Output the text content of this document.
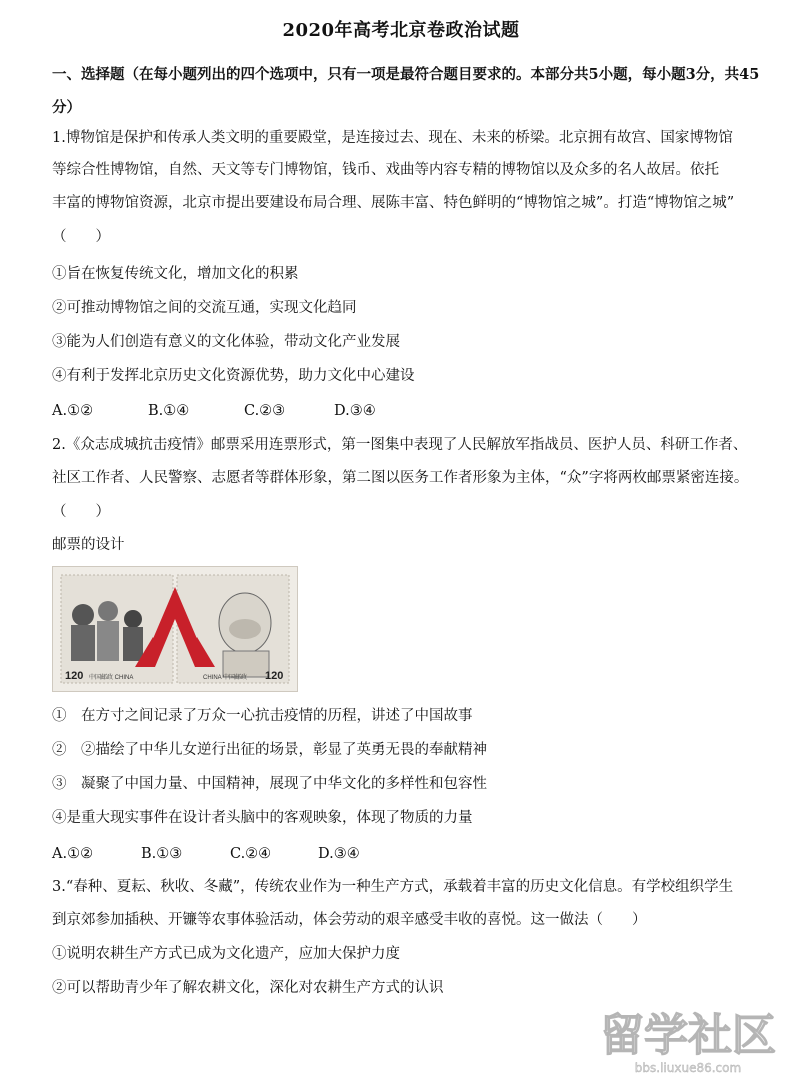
2020年高考北京卷政治试题
一、选择题（在每小题列出的四个选项中，只有一项是最符合题目要求的。本部分共5小题，每小题3分，共45分）
1.博物馆是保护和传承人类文明的重要殿堂，是连接过去、现在、未来的桥梁。北京拥有故宫、国家博物馆
等综合性博物馆，自然、天文等专门博物馆，钱币、戏曲等内容专精的博物馆以及众多的名人故居。依托
丰富的博物馆资源，北京市提出要建设布局合理、展陈丰富、特色鲜明的“博物馆之城”。打造“博物馆之城”
（　　）
①旨在恢复传统文化，增加文化的积累
②可推动博物馆之间的交流互通，实现文化趋同
③能为人们创造有意义的文化体验，带动文化产业发展
④有利于发挥北京历史文化资源优势，助力文化中心建设
A.①②	B.①④	C.②③	D.③④
2.《众志成城抗击疫情》邮票采用连票形式，第一图集中表现了人民解放军指战员、医护人员、科研工作者、
社区工作者、人民警察、志愿者等群体形象，第二图以医务工作者形象为主体，“众”字将两枚邮票紧密连接。
（　　）
邮票的设计
120 中国邮政 CHINA	CHINA 中国邮政 120
①　在方寸之间记录了万众一心抗击疫情的历程，讲述了中国故事
②　②描绘了中华儿女逆行出征的场景，彰显了英勇无畏的奉献精神
③　凝聚了中国力量、中国精神，展现了中华文化的多样性和包容性
④是重大现实事件在设计者头脑中的客观映象，体现了物质的力量
A.①②	B.①③	C.②④	D.③④
3.“春种、夏耘、秋收、冬藏”，传统农业作为一种生产方式，承载着丰富的历史文化信息。有学校组织学生
到京郊参加插秧、开镰等农事体验活动，体会劳动的艰辛感受丰收的喜悦。这一做法（　　）
①说明农耕生产方式已成为文化遗产，应加大保护力度
②可以帮助青少年了解农耕文化，深化对农耕生产方式的认识
留学社区
bbs.liuxue86.com
